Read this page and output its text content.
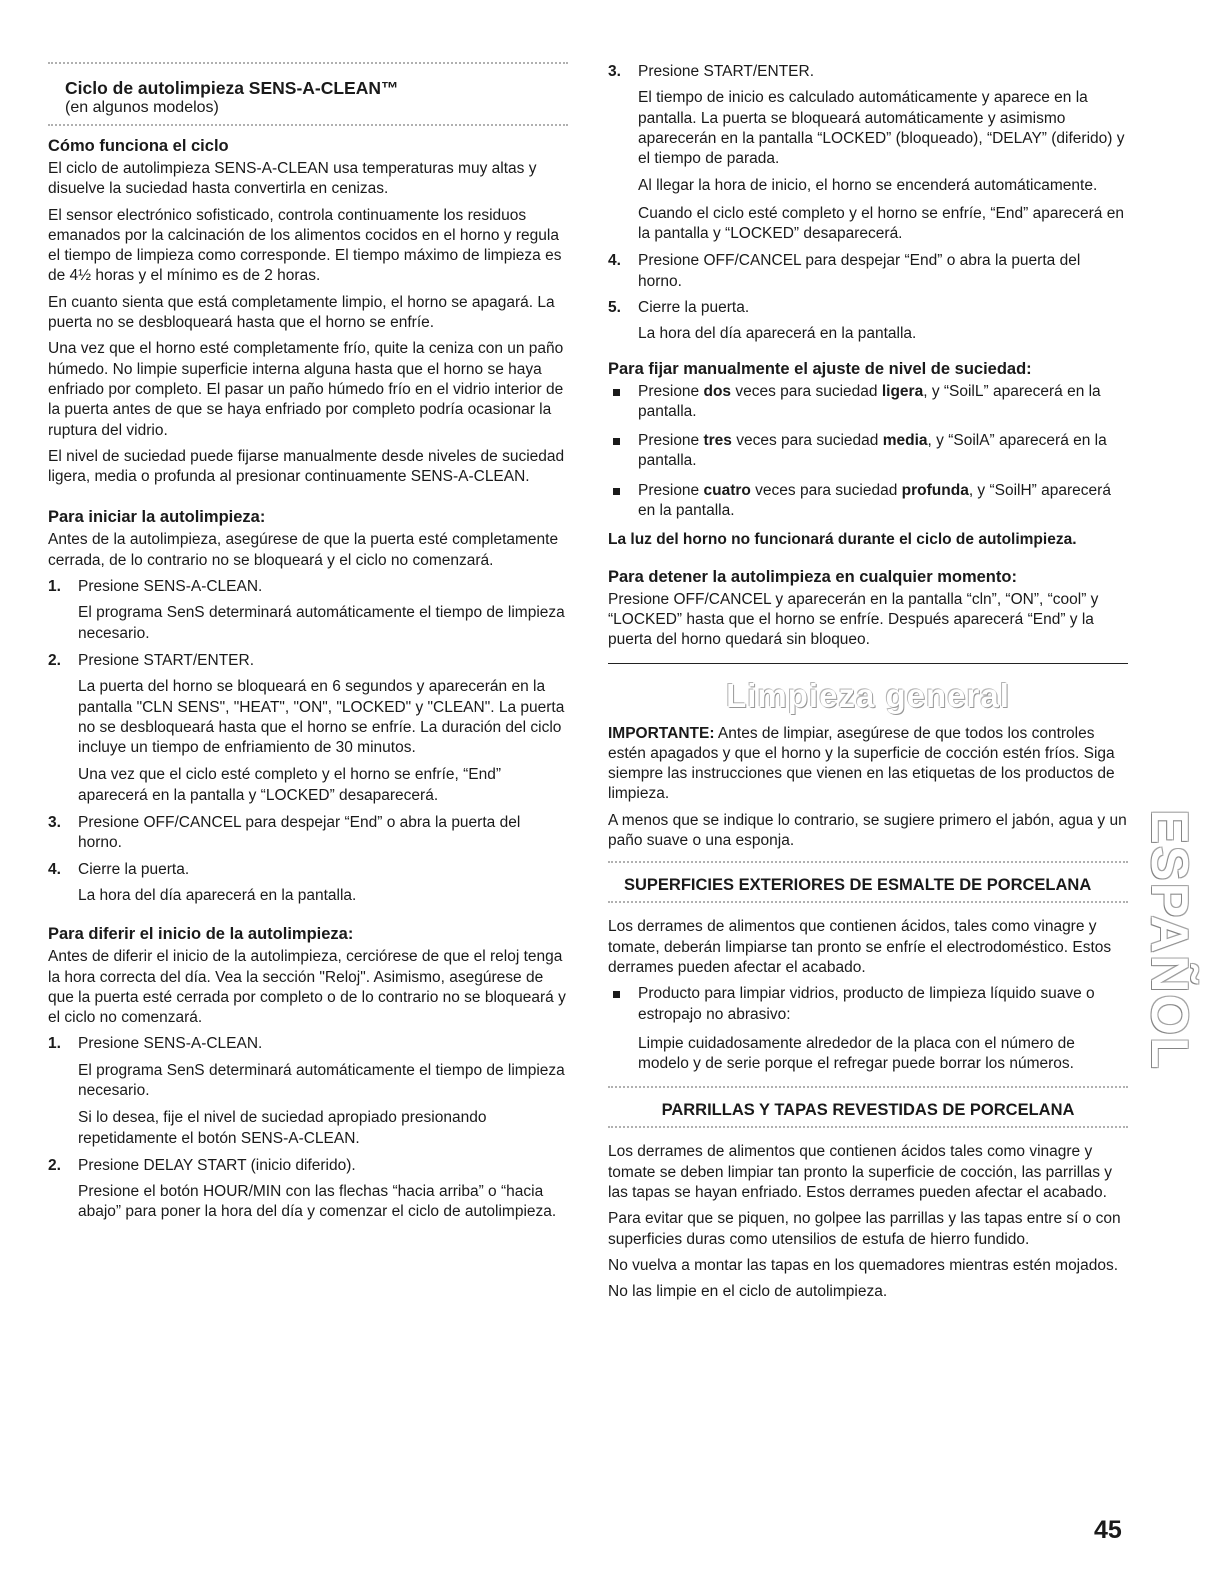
Ciclo de autolimpieza SENS-A-CLEAN™

(en algunos modelos)

Cómo funciona el ciclo

El ciclo de autolimpieza SENS-A-CLEAN usa temperaturas muy altas y disuelve la suciedad hasta convertirla en cenizas.

El sensor electrónico sofisticado, controla continuamente los residuos emanados por la calcinación de los alimentos cocidos en el horno y regula el tiempo de limpieza como corresponde. El tiempo máximo de limpieza es de 4½ horas y el mínimo es de 2 horas.

En cuanto sienta que está completamente limpio, el horno se apagará. La puerta no se desbloqueará hasta que el horno se enfríe.

Una vez que el horno esté completamente frío, quite la ceniza con un paño húmedo. No limpie superficie interna alguna hasta que el horno se haya enfriado por completo. El pasar un paño húmedo frío en el vidrio interior de la puerta antes de que se haya enfriado por completo podría ocasionar la ruptura del vidrio.

El nivel de suciedad puede fijarse manualmente desde niveles de suciedad ligera, media o profunda al presionar continuamente SENS-A-CLEAN.

Para iniciar la autolimpieza:

Antes de la autolimpieza, asegúrese de que la puerta esté completamente cerrada, de lo contrario no se bloqueará y el ciclo no comenzará.

1. Presione SENS-A-CLEAN.
El programa SenS determinará automáticamente el tiempo de limpieza necesario.
2. Presione START/ENTER.
La puerta del horno se bloqueará en 6 segundos y aparecerán en la pantalla "CLN SENS", "HEAT", "ON", "LOCKED" y "CLEAN". La puerta no se desbloqueará hasta que el horno se enfríe. La duración del ciclo incluye un tiempo de enfriamiento de 30 minutos.
Una vez que el ciclo esté completo y el horno se enfríe, “End” aparecerá en la pantalla y “LOCKED” desaparecerá.
3. Presione OFF/CANCEL para despejar “End” o abra la puerta del horno.
4. Cierre la puerta.
La hora del día aparecerá en la pantalla.
Para diferir el inicio de la autolimpieza:

Antes de diferir el inicio de la autolimpieza, cerciórese de que el reloj tenga la hora correcta del día. Vea la sección "Reloj". Asimismo, asegúrese de que la puerta esté cerrada por completo o de lo contrario no se bloqueará y el ciclo no comenzará.

1. Presione SENS-A-CLEAN.
El programa SenS determinará automáticamente el tiempo de limpieza necesario.
Si lo desea, fije el nivel de suciedad apropiado presionando repetidamente el botón SENS-A-CLEAN.
2. Presione DELAY START (inicio diferido).
Presione el botón HOUR/MIN con las flechas “hacia arriba” o “hacia abajo” para poner la hora del día y comenzar el ciclo de autolimpieza.
3. Presione START/ENTER.
El tiempo de inicio es calculado automáticamente y aparece en la pantalla. La puerta se bloqueará automáticamente y asimismo aparecerán en la pantalla “LOCKED” (bloqueado), “DELAY” (diferido) y el tiempo de parada.
Al llegar la hora de inicio, el horno se encenderá automáticamente.
Cuando el ciclo esté completo y el horno se enfríe, “End” aparecerá en la pantalla y “LOCKED” desaparecerá.
4. Presione OFF/CANCEL para despejar “End” o abra la puerta del horno.
5. Cierre la puerta.
La hora del día aparecerá en la pantalla.
Para fijar manualmente el ajuste de nivel de suciedad:
Presione dos veces para suciedad ligera, y “SoilL” aparecerá en la pantalla.
Presione tres veces para suciedad media, y “SoilA” aparecerá en la pantalla.
Presione cuatro veces para suciedad profunda, y “SoilH” aparecerá en la pantalla.

La luz del horno no funcionará durante el ciclo de autolimpieza.

Para detener la autolimpieza en cualquier momento:

Presione OFF/CANCEL y aparecerán en la pantalla “cln”, “ON”, “cool” y “LOCKED” hasta que el horno se enfríe. Después aparecerá “End” y la puerta del horno quedará sin bloqueo.

Limpieza general

IMPORTANTE: Antes de limpiar, asegúrese de que todos los controles estén apagados y que el horno y la superficie de cocción estén fríos. Siga siempre las instrucciones que vienen en las etiquetas de los productos de limpieza.

A menos que se indique lo contrario, se sugiere primero el jabón, agua y un paño suave o una esponja.

SUPERFICIES EXTERIORES DE ESMALTE DE PORCELANA

Los derrames de alimentos que contienen ácidos, tales como vinagre y tomate, deberán limpiarse tan pronto se enfríe el electrodoméstico. Estos derrames pueden afectar el acabado.

Producto para limpiar vidrios, producto de limpieza líquido suave o estropajo no abrasivo:
Limpie cuidadosamente alrededor de la placa con el número de modelo y de serie porque el refregar puede borrar los números.

PARRILLAS Y TAPAS REVESTIDAS DE PORCELANA

Los derrames de alimentos que contienen ácidos tales como vinagre y tomate se deben limpiar tan pronto la superficie de cocción, las parrillas y las tapas se hayan enfriado. Estos derrames pueden afectar el acabado.

Para evitar que se piquen, no golpee las parrillas y las tapas entre sí o con superficies duras como utensilios de estufa de hierro fundido.

No vuelva a montar las tapas en los quemadores mientras estén mojados.

No las limpie en el ciclo de autolimpieza.

ESPAÑOL
45
